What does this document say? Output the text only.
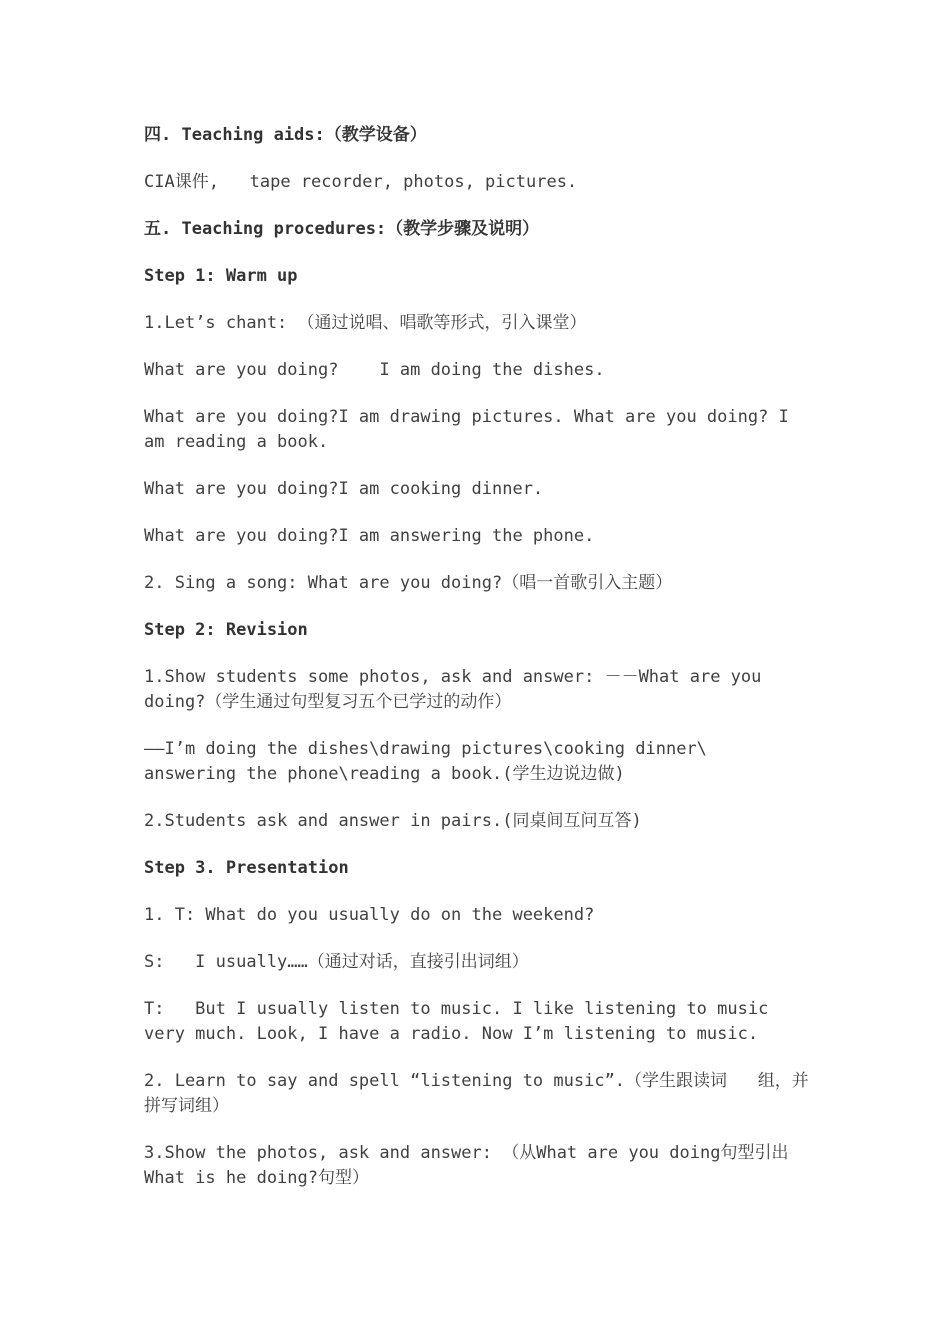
四. Teaching aids:（教学设备）

CIA课件,   tape recorder, photos, pictures.

五. Teaching procedures:（教学步骤及说明）

Step 1: Warm up

1.Let’s chant: （通过说唱、唱歌等形式，引入课堂）

What are you doing?    I am doing the dishes.

What are you doing?I am drawing pictures. What are you doing? I am reading a book.

What are you doing?I am cooking dinner.

What are you doing?I am answering the phone.

2. Sing a song: What are you doing?（唱一首歌引入主题）

Step 2: Revision

1.Show students some photos, ask and answer: －－What are you doing?（学生通过句型复习五个已学过的动作）

——I’m doing the dishes\drawing pictures\cooking dinner\ answering the phone\reading a book.(学生边说边做)

2.Students ask and answer in pairs.(同桌间互问互答)

Step 3. Presentation

1. T: What do you usually do on the weekend?

S:   I usually……（通过对话，直接引出词组）

T:   But I usually listen to music. I like listening to music very much. Look, I have a radio. Now I’m listening to music.

2. Learn to say and spell “listening to music”.（学生跟读词   组，并拼写词组）

3.Show the photos, ask and answer: （从What are you doing句型引出What is he doing?句型）
